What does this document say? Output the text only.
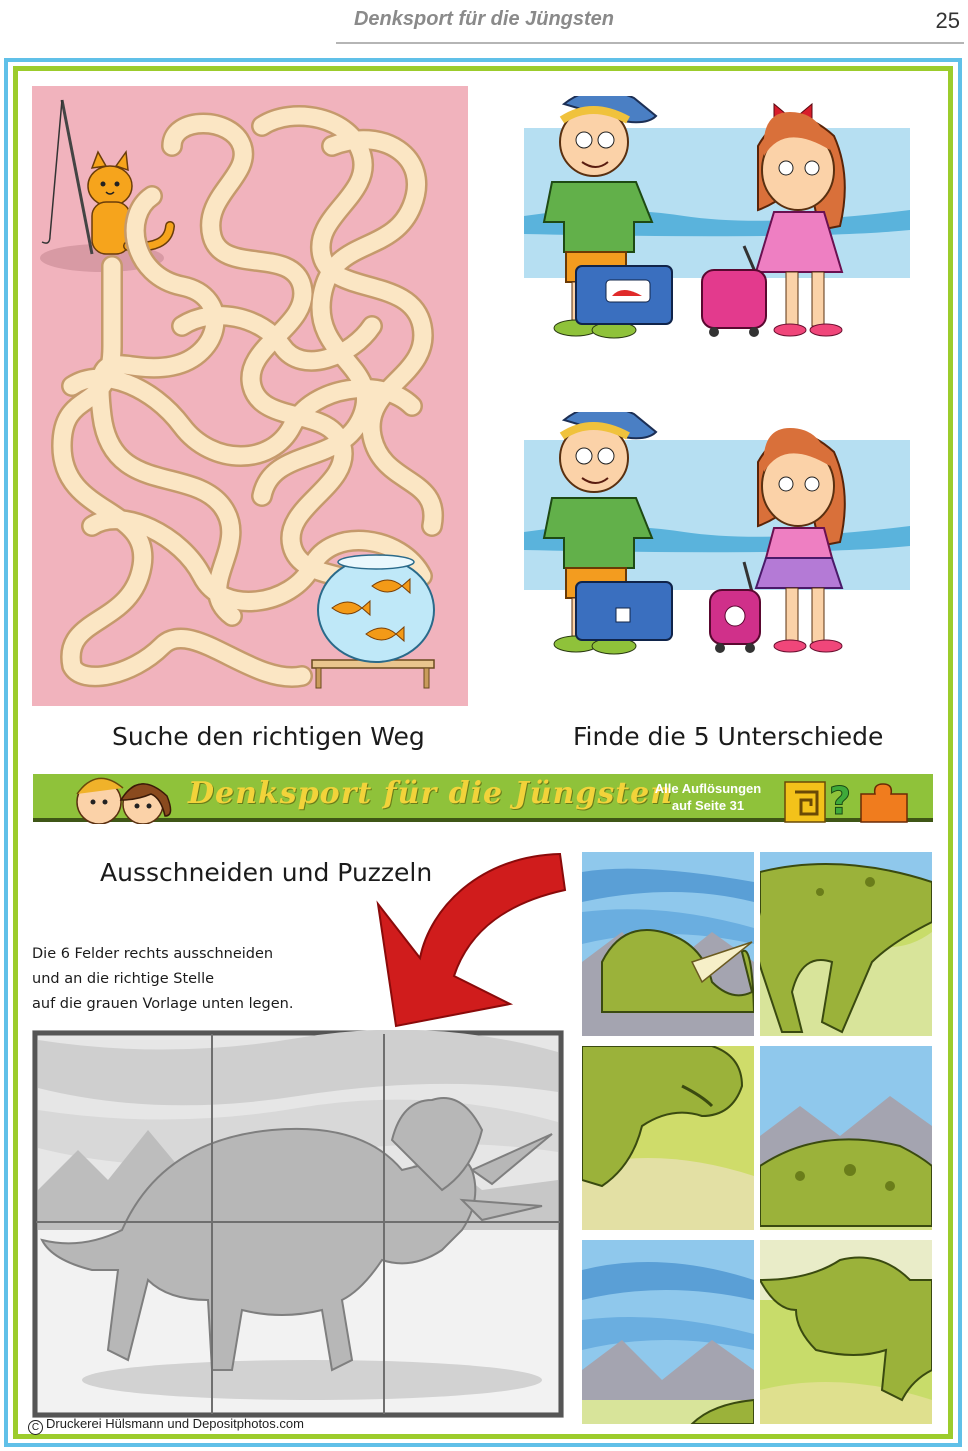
Denksport für die Jüngsten	25
Suche den richtigen Weg	Finde die 5 Unterschiede
?
Denksport für die Jüngsten
Alle Auflösungen
auf Seite 31
Ausschneiden und Puzzeln
Die 6 Felder rechts ausschneiden
und an die richtige Stelle
auf die grauen Vorlage unten legen.
C Druckerei Hülsmann und Depositphotos.com
